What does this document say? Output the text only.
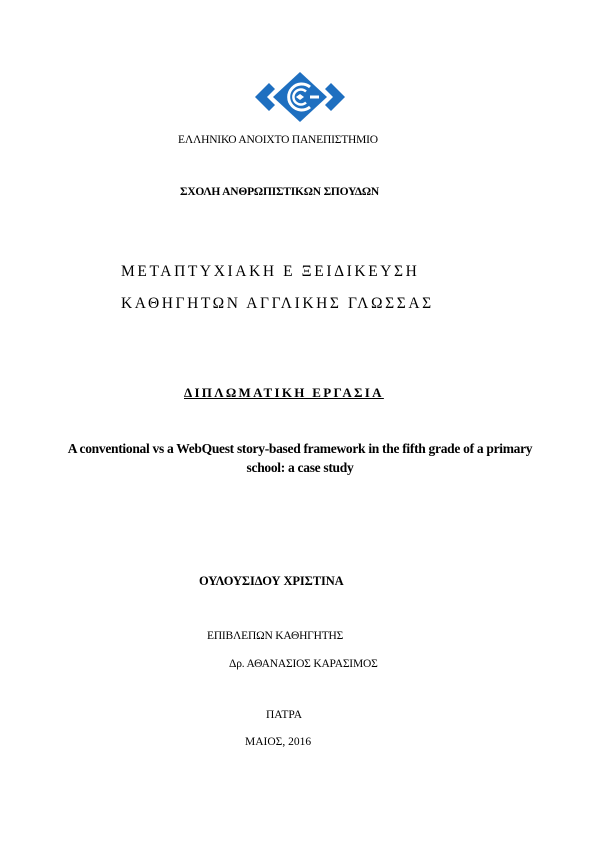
ΕΛΛΗΝΙΚΟ ΑΝΟΙΧΤΟ ΠΑΝΕΠΙΣΤΗΜΙΟ
ΣΧΟΛΗ ΑΝΘΡΩΠΙΣΤΙΚΩΝ ΣΠΟΥΔΩΝ
ΜΕΤΑΠΤΥΧΙΑΚΗ Ε ΞΕΙΔΙΚΕΥΣΗ
ΚΑΘΗΓΗΤΩΝ ΑΓΓΛΙΚΗΣ ΓΛΩΣΣΑΣ
ΔΙΠΛΩΜΑΤΙΚΗ ΕΡΓΑΣΙΑ
A conventional vs a WebQuest story-based framework in the fifth grade of a primary school: a case study
ΟΥΛΟΥΣΙΔΟΥ ΧΡΙΣΤΙΝΑ
ΕΠΙΒΛΕΠΩΝ ΚΑΘΗΓΗΤΗΣ
Δρ. ΑΘΑΝΑΣΙΟΣ ΚΑΡΑΣΙΜΟΣ
ΠΑΤΡΑ
ΜΑΙΟΣ, 2016
